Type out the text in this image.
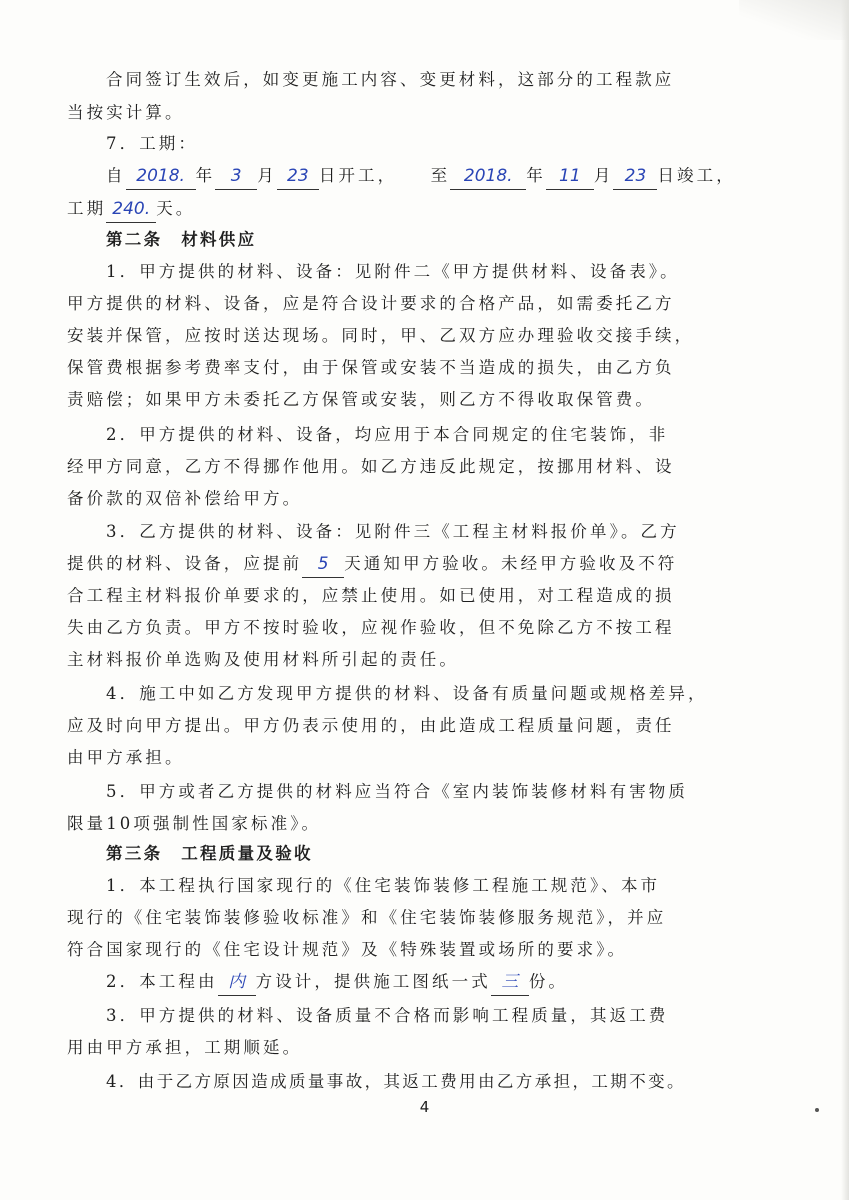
合同签订生效后，如变更施工内容、变更材料，这部分的工程款应
当按实计算。
7．工期：
自 2018. 年 3 月 23 日开工， 至 2018. 年 11 月 23 日竣工，
工期 240. 天。
第二条　材料供应
1．甲方提供的材料、设备：见附件二《甲方提供材料、设备表》。
甲方提供的材料、设备，应是符合设计要求的合格产品，如需委托乙方
安装并保管，应按时送达现场。同时，甲、乙双方应办理验收交接手续，
保管费根据参考费率支付，由于保管或安装不当造成的损失，由乙方负
责赔偿；如果甲方未委托乙方保管或安装，则乙方不得收取保管费。
2．甲方提供的材料、设备，均应用于本合同规定的住宅装饰，非
经甲方同意，乙方不得挪作他用。如乙方违反此规定，按挪用材料、设
备价款的双倍补偿给甲方。
3．乙方提供的材料、设备：见附件三《工程主材料报价单》。乙方
提供的材料、设备，应提前 5 天通知甲方验收。未经甲方验收及不符
合工程主材料报价单要求的，应禁止使用。如已使用，对工程造成的损
失由乙方负责。甲方不按时验收，应视作验收，但不免除乙方不按工程
主材料报价单选购及使用材料所引起的责任。
4．施工中如乙方发现甲方提供的材料、设备有质量问题或规格差异，
应及时向甲方提出。甲方仍表示使用的，由此造成工程质量问题，责任
由甲方承担。
5．甲方或者乙方提供的材料应当符合《室内装饰装修材料有害物质
限量10项强制性国家标准》。
第三条　工程质量及验收
1．本工程执行国家现行的《住宅装饰装修工程施工规范》、本市
现行的《住宅装饰装修验收标准》和《住宅装饰装修服务规范》，并应
符合国家现行的《住宅设计规范》及《特殊装置或场所的要求》。
2．本工程由 内 方设计，提供施工图纸一式 三 份。
3．甲方提供的材料、设备质量不合格而影响工程质量，其返工费
用由甲方承担，工期顺延。
4．由于乙方原因造成质量事故，其返工费用由乙方承担，工期不变。
4
